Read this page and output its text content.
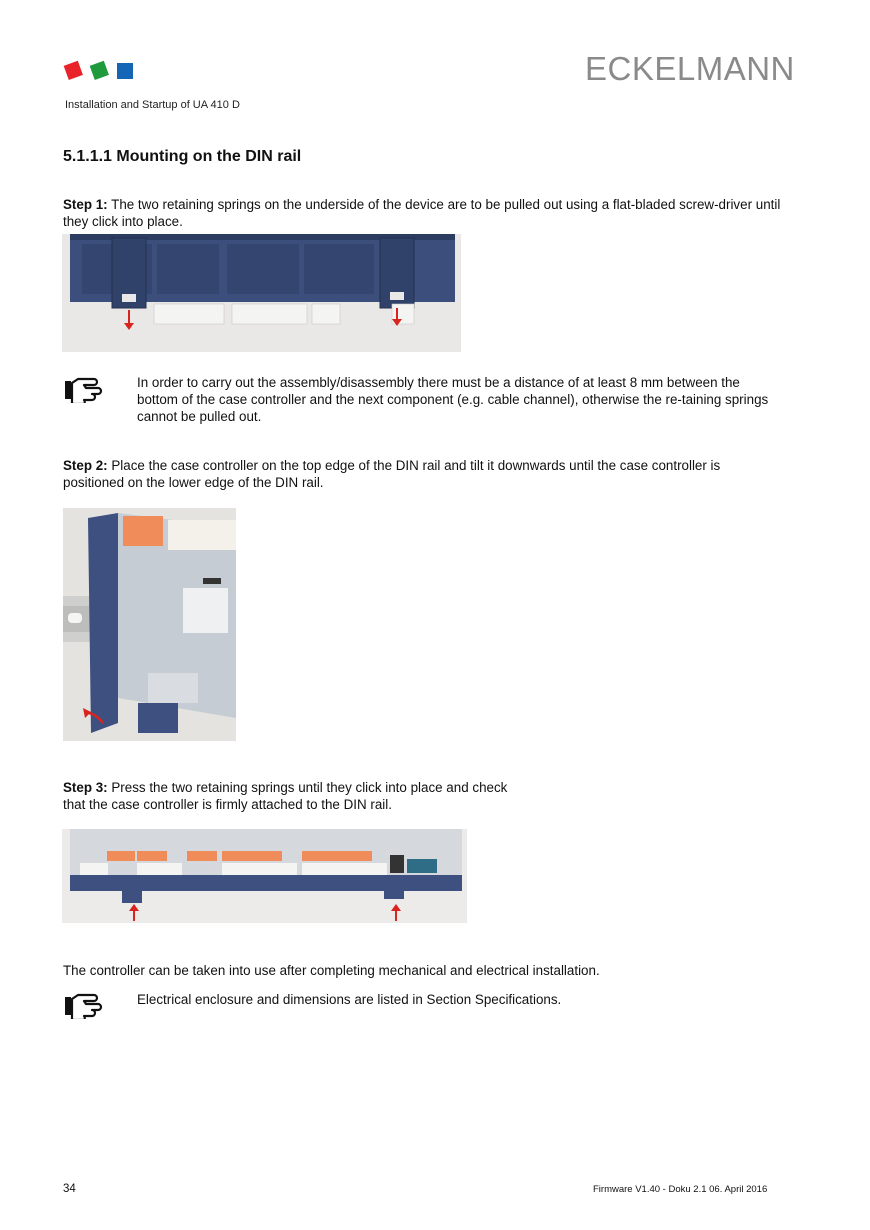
ECKELMANN
Installation and Startup of UA 410 D
5.1.1.1 Mounting on the DIN rail
Step 1: The two retaining springs on the underside of the device are to be pulled out using a flat-bladed screw-driver until they click into place.
In order to carry out the assembly/disassembly there must be a distance of at least 8 mm between the bottom of the case controller and the next component (e.g. cable channel), otherwise the re-taining springs cannot be pulled out.
Step 2: Place the case controller on the top edge of the DIN rail and tilt it downwards until the case controller is positioned on the lower edge of the DIN rail.
Step 3: Press the two retaining springs until they click into place and check
that the case controller is firmly attached to the DIN rail.
The controller can be taken into use after completing mechanical and electrical installation.
Electrical enclosure and dimensions are listed in Section Specifications.
34	Firmware V1.40 - Doku 2.1 06. April 2016
